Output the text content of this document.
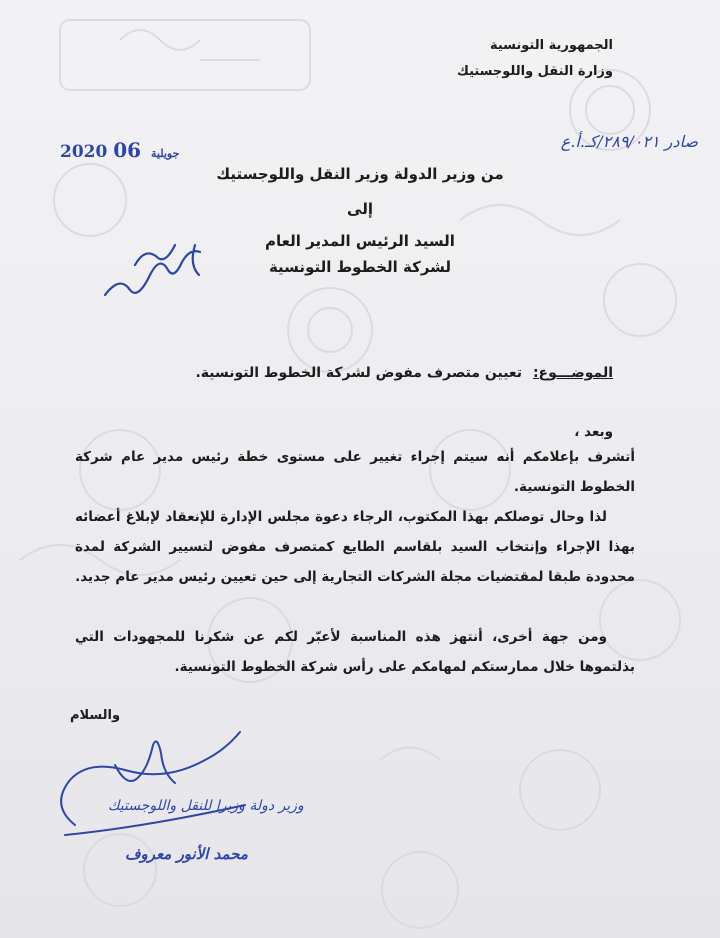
الجمهورية التونسية
وزارة النقل واللوجستيك
2020	جويلية 06	صادر ٢٨٩/٠٢١/كـ.أ.ع
من وزير الدولة وزير النقل واللوجستيك
إلى
السيد الرئيس المدير العام
لشركة الخطوط التونسية
الموضـــوع: تعيين متصرف مفوض لشركة الخطوط التونسية.
وبعد ،
أتشرف بإعلامكم أنه سيتم إجراء تغيير على مستوى خطة رئيس مدير عام شركة الخطوط التونسية.
لذا وحال توصلكم بهذا المكتوب، الرجاء دعوة مجلس الإدارة للإنعقاد لإبلاغ أعضائه بهذا الإجراء وإنتخاب السيد بلقاسم الطايع كمتصرف مفوض لتسيير الشركة لمدة محدودة طبقا لمقتضيات مجلة الشركات التجارية إلى حين تعيين رئيس مدير عام جديد.
ومن جهة أخرى، أنتهز هذه المناسبة لأعبّر لكم عن شكرنا للمجهودات التي بذلتموها خلال ممارستكم لمهامكم على رأس شركة الخطوط التونسية.
والسلام
وزير دولة وزيرا للنقل واللوجستيك
محمد الأنور معروف
